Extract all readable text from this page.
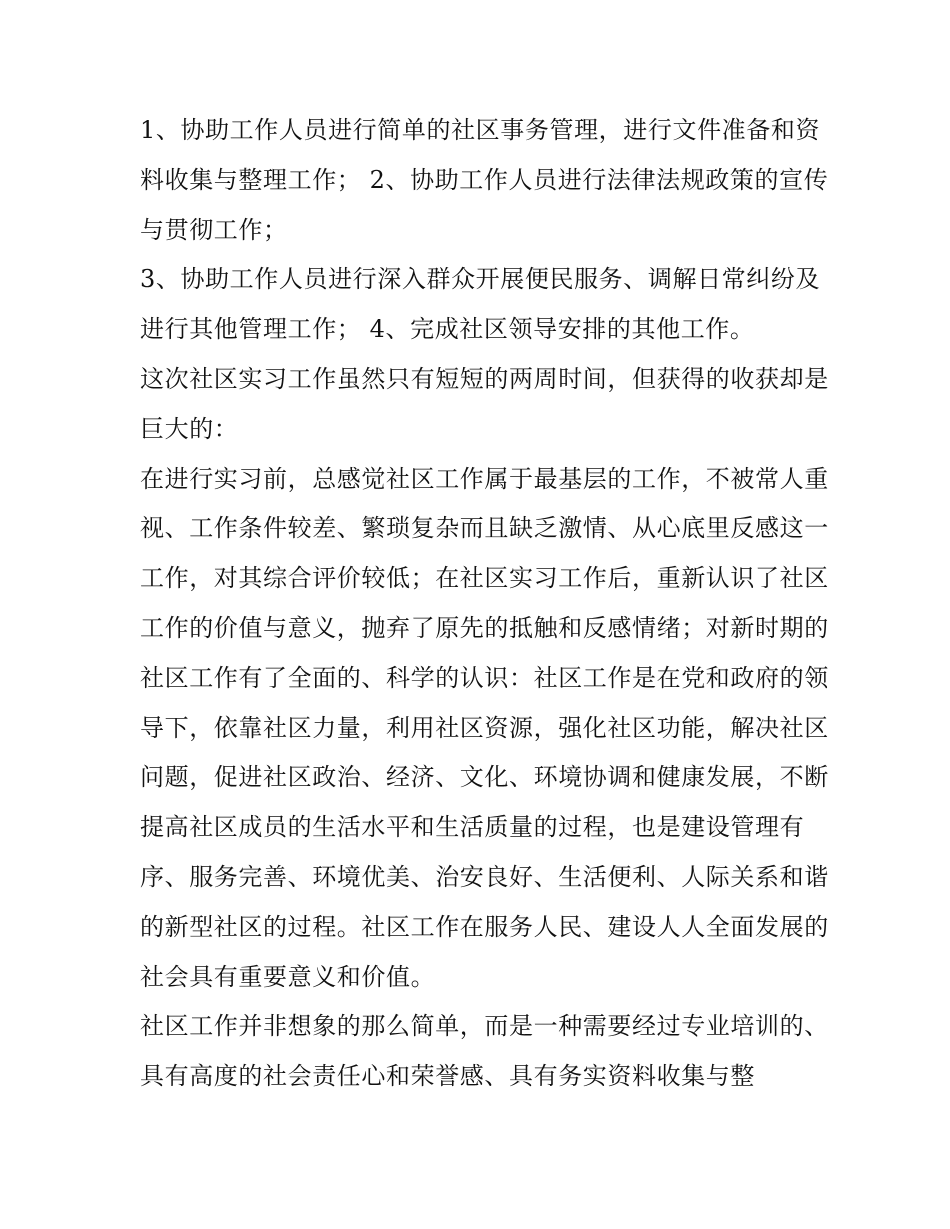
1、协助工作人员进行简单的社区事务管理，进行文件准备和资料收集与整理工作； 2、协助工作人员进行法律法规政策的宣传与贯彻工作；

3、协助工作人员进行深入群众开展便民服务、调解日常纠纷及进行其他管理工作； 4、完成社区领导安排的其他工作。

这次社区实习工作虽然只有短短的两周时间，但获得的收获却是巨大的：

在进行实习前，总感觉社区工作属于最基层的工作，不被常人重视、工作条件较差、繁琐复杂而且缺乏激情、从心底里反感这一工作，对其综合评价较低；在社区实习工作后，重新认识了社区工作的价值与意义，抛弃了原先的抵触和反感情绪；对新时期的社区工作有了全面的、科学的认识：社区工作是在党和政府的领导下，依靠社区力量，利用社区资源，强化社区功能，解决社区问题，促进社区政治、经济、文化、环境协调和健康发展，不断提高社区成员的生活水平和生活质量的过程，也是建设管理有序、服务完善、环境优美、治安良好、生活便利、人际关系和谐的新型社区的过程。社区工作在服务人民、建设人人全面发展的社会具有重要意义和价值。

社区工作并非想象的那么简单，而是一种需要经过专业培训的、具有高度的社会责任心和荣誉感、具有务实资料收集与整
